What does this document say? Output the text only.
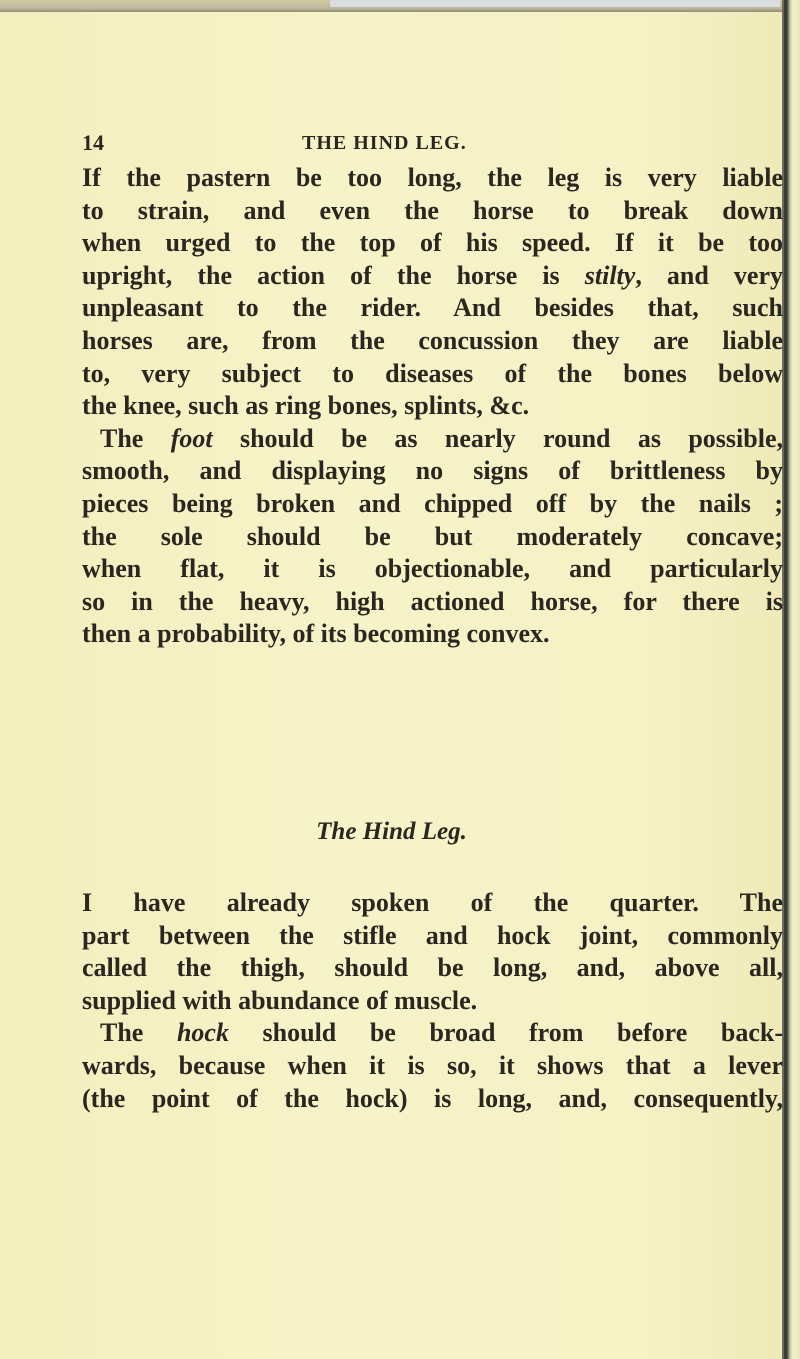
14	THE HIND LEG.
If the pastern be too long, the leg is very liable
to strain, and even the horse to break down
when urged to the top of his speed. If it be too
upright, the action of the horse is stilty, and very
unpleasant to the rider. And besides that, such
horses are, from the concussion they are liable
to, very subject to diseases of the bones below
the knee, such as ring bones, splints, &c.
The foot should be as nearly round as possible,
smooth, and displaying no signs of brittleness by
pieces being broken and chipped off by the nails ;
the sole should be but moderately concave;
when flat, it is objectionable, and particularly
so in the heavy, high actioned horse, for there is
then a probability, of its becoming convex.
The Hind Leg.
I have already spoken of the quarter. The
part between the stifle and hock joint, commonly
called the thigh, should be long, and, above all,
supplied with abundance of muscle.
The hock should be broad from before back-
wards, because when it is so, it shows that a lever
(the point of the hock) is long, and, consequently,
